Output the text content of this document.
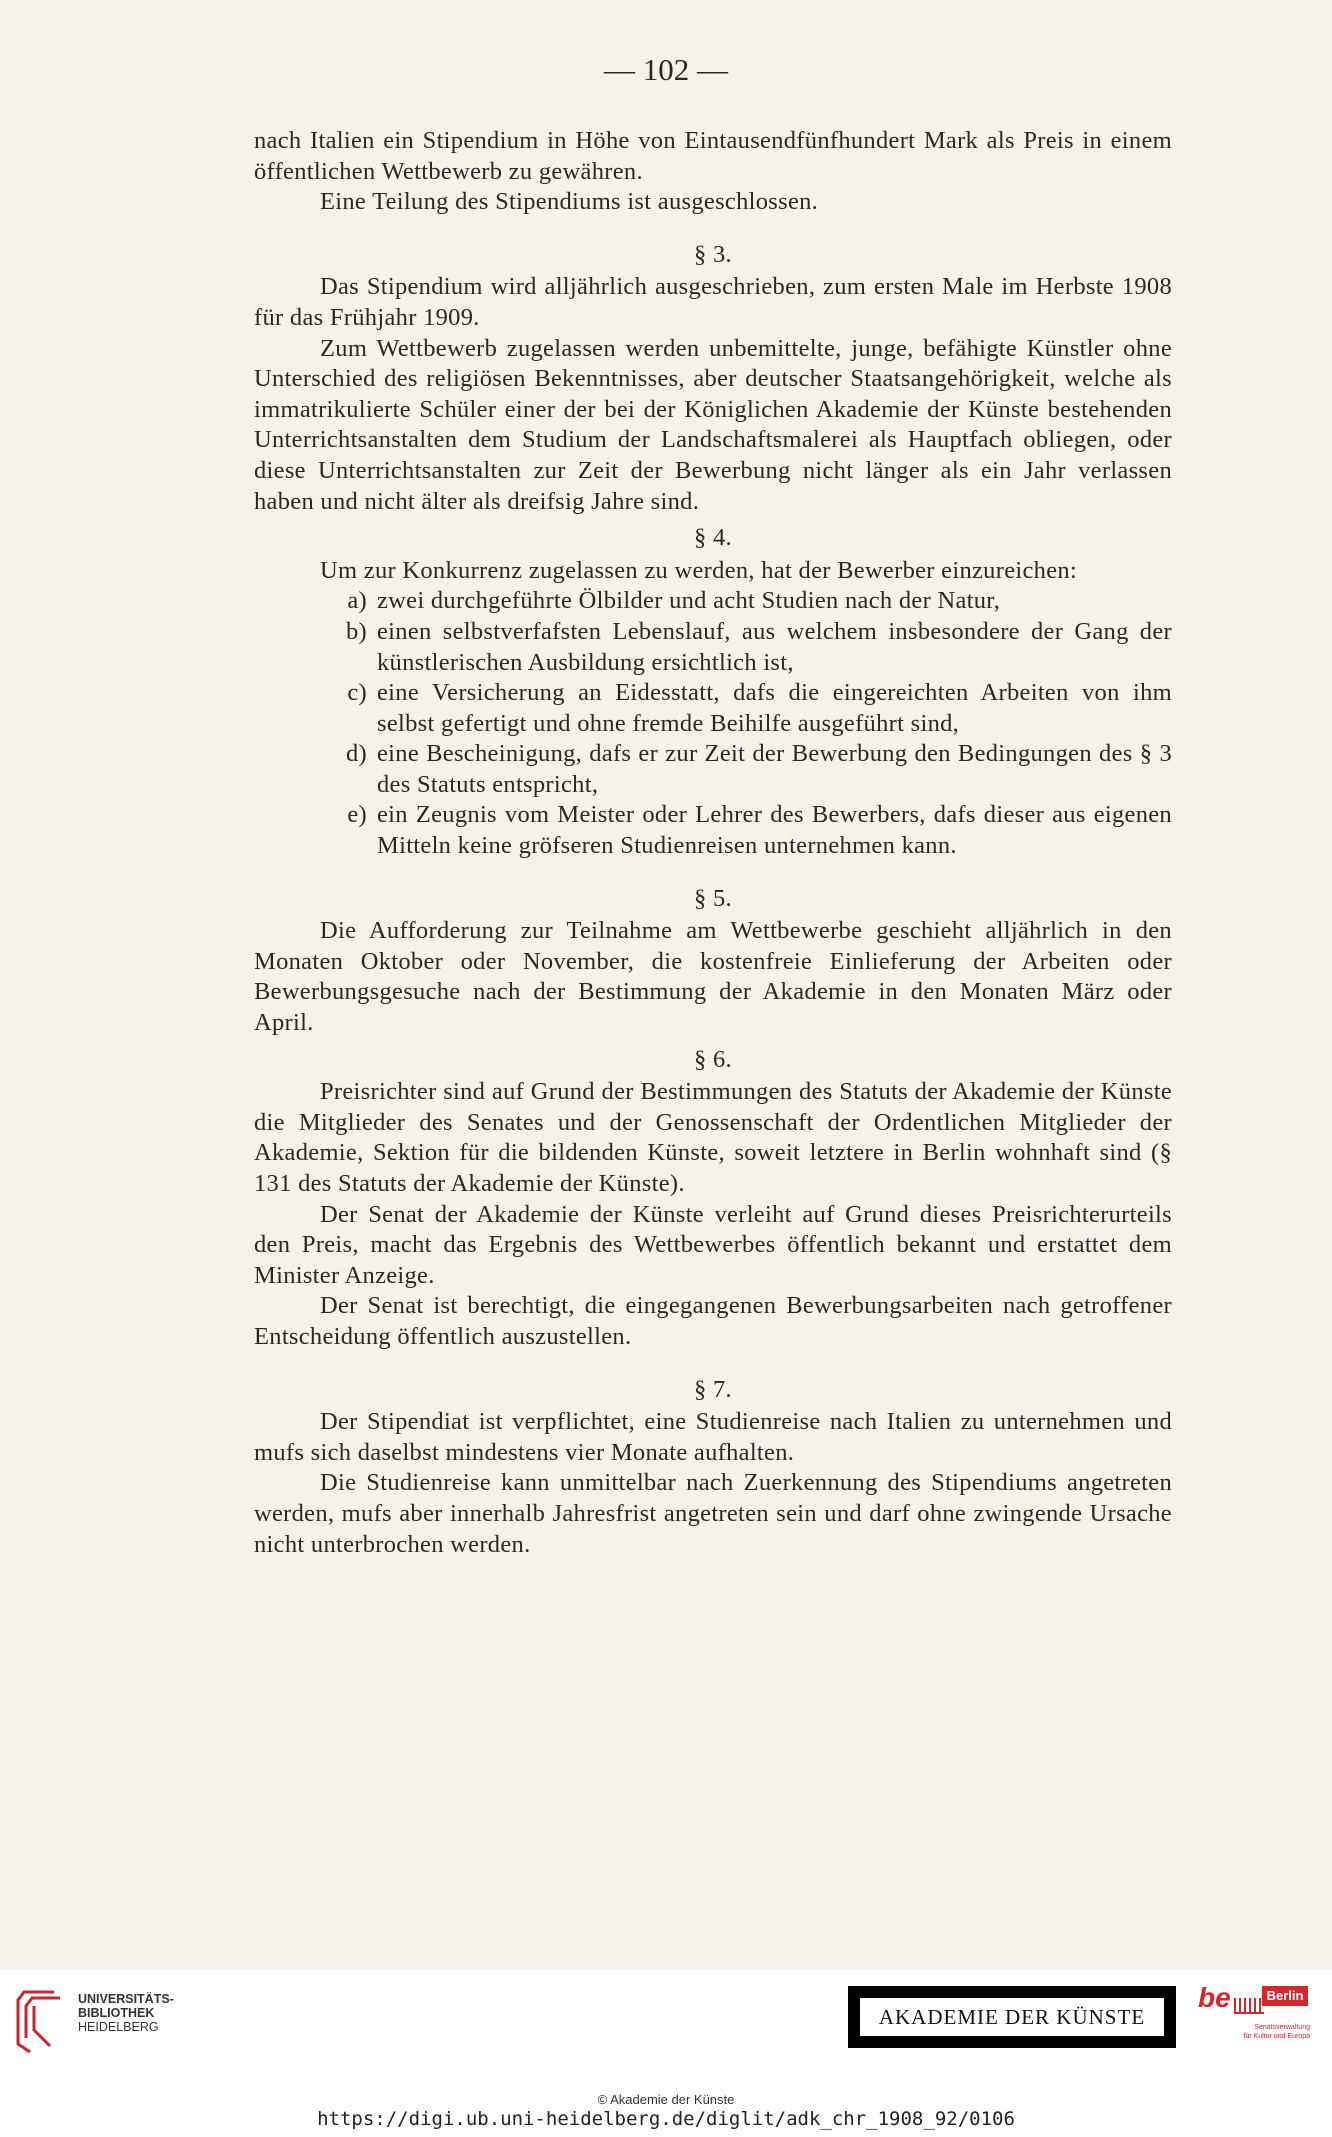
— 102 —

nach Italien ein Stipendium in Höhe von Eintausendfünfhundert Mark als Preis in einem öffentlichen Wettbewerb zu gewähren.

Eine Teilung des Stipendiums ist ausgeschlossen.

§ 3.

Das Stipendium wird alljährlich ausgeschrieben, zum ersten Male im Herbste 1908 für das Frühjahr 1909.

Zum Wettbewerb zugelassen werden unbemittelte, junge, befähigte Künstler ohne Unterschied des religiösen Bekenntnisses, aber deutscher Staatsangehörigkeit, welche als immatrikulierte Schüler einer der bei der Königlichen Akademie der Künste bestehenden Unterrichtsanstalten dem Studium der Landschaftsmalerei als Hauptfach obliegen, oder diese Unterrichtsanstalten zur Zeit der Bewerbung nicht länger als ein Jahr verlassen haben und nicht älter als dreifsig Jahre sind.

§ 4.

Um zur Konkurrenz zugelassen zu werden, hat der Bewerber einzureichen:

a) zwei durchgeführte Ölbilder und acht Studien nach der Natur,
b) einen selbstverfafsten Lebenslauf, aus welchem insbesondere der Gang der künstlerischen Ausbildung ersichtlich ist,
c) eine Versicherung an Eidesstatt, dafs die eingereichten Arbeiten von ihm selbst gefertigt und ohne fremde Beihilfe ausgeführt sind,
d) eine Bescheinigung, dafs er zur Zeit der Bewerbung den Bedingungen des § 3 des Statuts entspricht,
e) ein Zeugnis vom Meister oder Lehrer des Bewerbers, dafs dieser aus eigenen Mitteln keine gröfseren Studienreisen unternehmen kann.
§ 5.

Die Aufforderung zur Teilnahme am Wettbewerbe geschieht alljährlich in den Monaten Oktober oder November, die kostenfreie Einlieferung der Arbeiten oder Bewerbungsgesuche nach der Bestimmung der Akademie in den Monaten März oder April.

§ 6.

Preisrichter sind auf Grund der Bestimmungen des Statuts der Akademie der Künste die Mitglieder des Senates und der Genossenschaft der Ordentlichen Mitglieder der Akademie, Sektion für die bildenden Künste, soweit letztere in Berlin wohnhaft sind (§ 131 des Statuts der Akademie der Künste).

Der Senat der Akademie der Künste verleiht auf Grund dieses Preisrichterurteils den Preis, macht das Ergebnis des Wettbewerbes öffentlich bekannt und erstattet dem Minister Anzeige.

Der Senat ist berechtigt, die eingegangenen Bewerbungsarbeiten nach getroffener Entscheidung öffentlich auszustellen.

§ 7.

Der Stipendiat ist verpflichtet, eine Studienreise nach Italien zu unternehmen und mufs sich daselbst mindestens vier Monate aufhalten.

Die Studienreise kann unmittelbar nach Zuerkennung des Stipendiums angetreten werden, mufs aber innerhalb Jahresfrist angetreten sein und darf ohne zwingende Ursache nicht unterbrochen werden.

UNIVERSITÄTS-
BIBLIOTHEK
HEIDELBERG	AKADEMIE DER KÜNSTE
be	Berlin
Senatsverwaltung
für Kultur und Europa
© Akademie der Künste
https://digi.ub.uni-heidelberg.de/diglit/adk_chr_1908_92/0106
